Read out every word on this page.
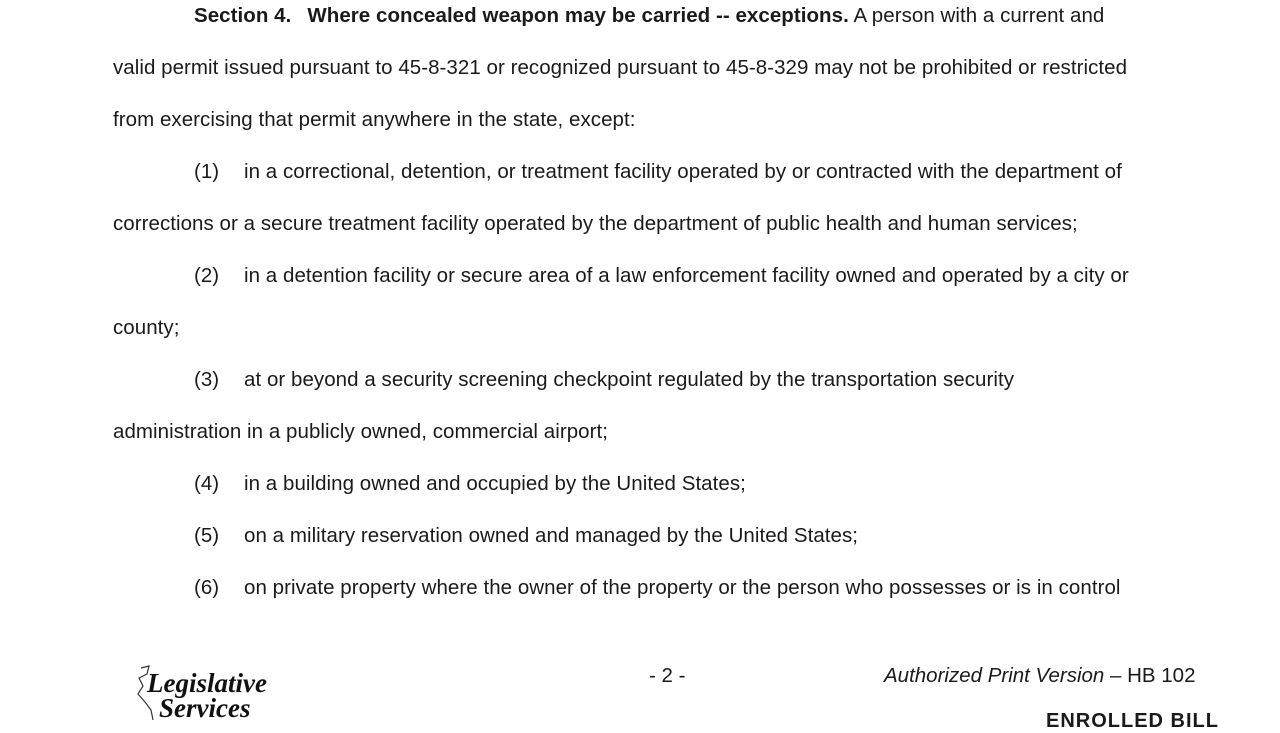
Section 4. Where concealed weapon may be carried -- exceptions. A person with a current and
valid permit issued pursuant to 45-8-321 or recognized pursuant to 45-8-329 may not be prohibited or restricted
from exercising that permit anywhere in the state, except:
(1) in a correctional, detention, or treatment facility operated by or contracted with the department of
corrections or a secure treatment facility operated by the department of public health and human services;
(2) in a detention facility or secure area of a law enforcement facility owned and operated by a city or
county;
(3) at or beyond a security screening checkpoint regulated by the transportation security
administration in a publicly owned, commercial airport;
(4) in a building owned and occupied by the United States;
(5) on a military reservation owned and managed by the United States;
(6) on private property where the owner of the property or the person who possesses or is in control
Legislative
Services
- 2 -	Authorized Print Version – HB 102
ENROLLED BILL
